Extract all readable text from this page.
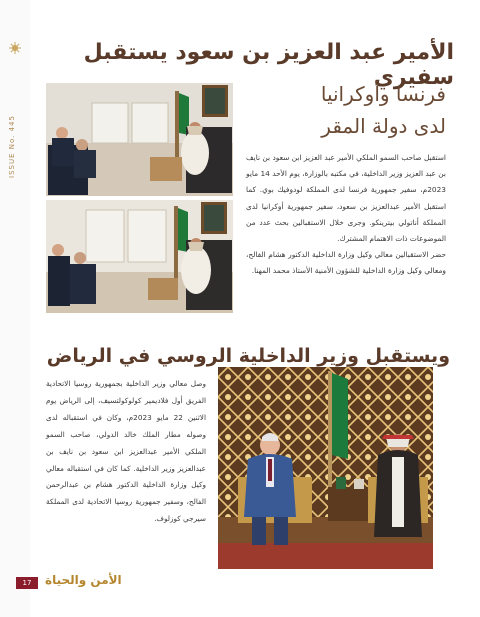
ISSUE No. 445
الأمير عبد العزيز بن سعود يستقبل سفيري
فرنسا وأوكرانيا
لدى دولة المقر

استقبل صاحب السمو الملكي الأمير عبد العزيز ابن سعود بن نايف بن عبد العزيز وزير الداخلية، في مكتبه بالوزارة، يوم الأحد 14 مايو 2023م، سفير جمهورية فرنسا لدى المملكة لودوفيك بوي. كما استقبل الأمير عبدالعزيز بن سعود، سفير جمهورية أوكرانيا لدى المملكة أناتولي بيترينكو. وجرى خلال الاستقبالين بحث عدد من الموضوعات ذات الاهتمام المشترك.

حضر الاستقبالين معالي وكيل وزارة الداخلية الدكتور هشام الفالح، ومعالي وكيل وزارة الداخلية للشؤون الأمنية الأستاذ محمد المهنا.

ويستقبل وزير الداخلية الروسي في الرياض
وصل معالي وزير الداخلية بجمهورية روسيا الاتحادية الفريق أول فلاديمير كولوكولتسيف، إلى الرياض يوم الاثنين 22 مايو 2023م، وكان في استقباله لدى وصوله مطار الملك خالد الدولي، صاحب السمو الملكي الأمير عبدالعزيز ابن سعود بن نايف بن عبدالعزيز وزير الداخلية. كما كان في استقباله معالي وكيل وزارة الداخلية الدكتور هشام بن عبدالرحمن الفالح، وسفير جمهورية روسيا الاتحادية لدى المملكة سيرجي كوزلوف.
17	الأمن والحياة
